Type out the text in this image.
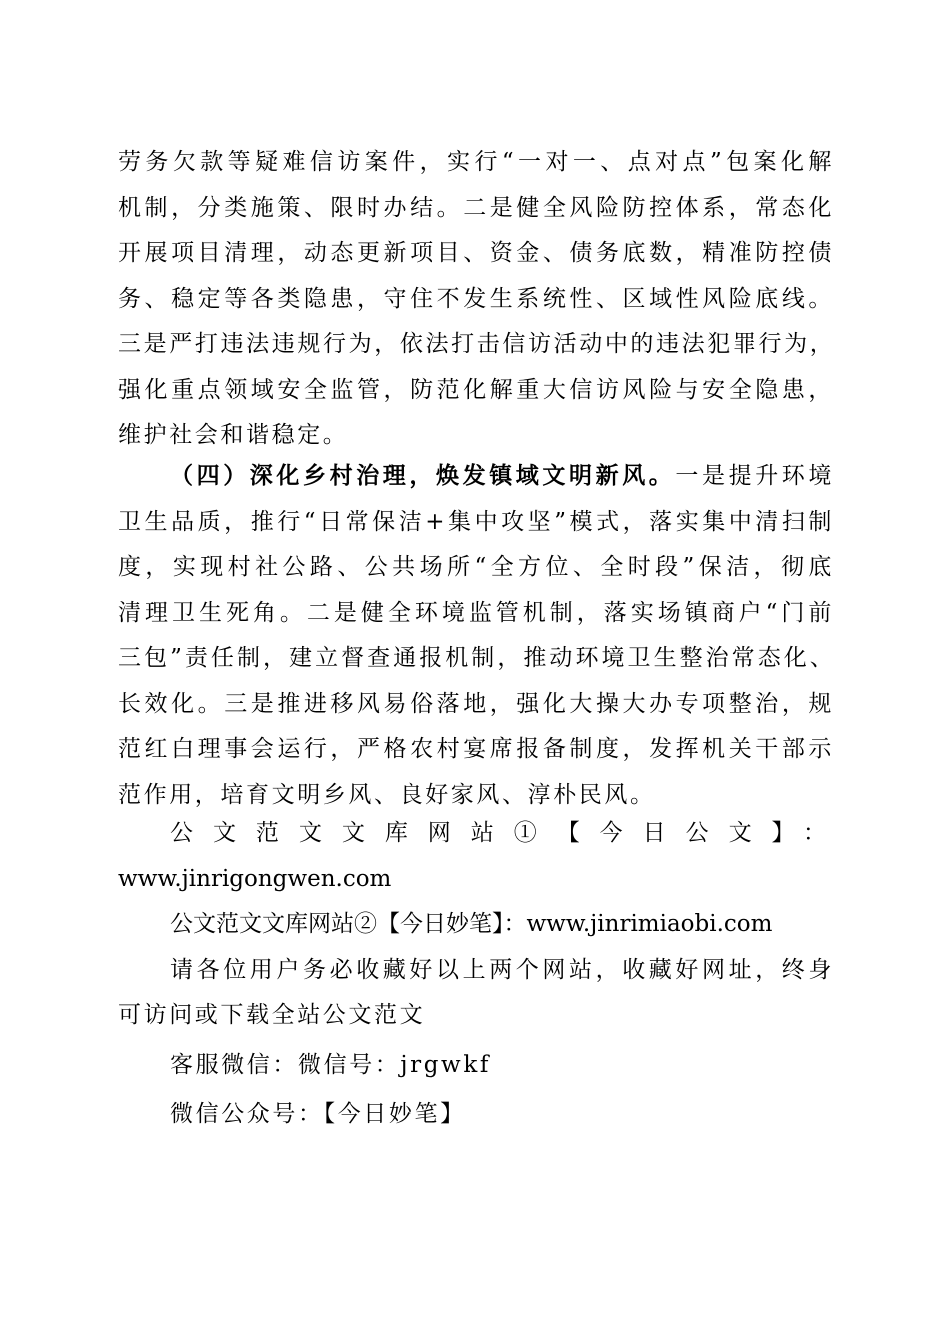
劳务欠款等疑难信访案件，实行“一对一、点对点”包案化解
机制，分类施策、限时办结。二是健全风险防控体系，常态化
开展项目清理，动态更新项目、资金、债务底数，精准防控债
务、稳定等各类隐患，守住不发生系统性、区域性风险底线。
三是严打违法违规行为，依法打击信访活动中的违法犯罪行为，
强化重点领域安全监管，防范化解重大信访风险与安全隐患，
维护社会和谐稳定。
（四）深化乡村治理，焕发镇域文明新风。一是提升环境
卫生品质，推行“日常保洁+集中攻坚”模式，落实集中清扫制
度，实现村社公路、公共场所“全方位、全时段”保洁，彻底
清理卫生死角。二是健全环境监管机制，落实场镇商户“门前
三包”责任制，建立督查通报机制，推动环境卫生整治常态化、
长效化。三是推进移风易俗落地，强化大操大办专项整治，规
范红白理事会运行，严格农村宴席报备制度，发挥机关干部示
范作用，培育文明乡风、良好家风、淳朴民风。
公文范文文库网站①【今日公文】：
www.jinrigongwen.com
公文范文文库网站②【今日妙笔】：www.jinrimiaobi.com
请各位用户务必收藏好以上两个网站，收藏好网址，终身
可访问或下载全站公文范文
客服微信：微信号：jrgwkf
微信公众号：【今日妙笔】
